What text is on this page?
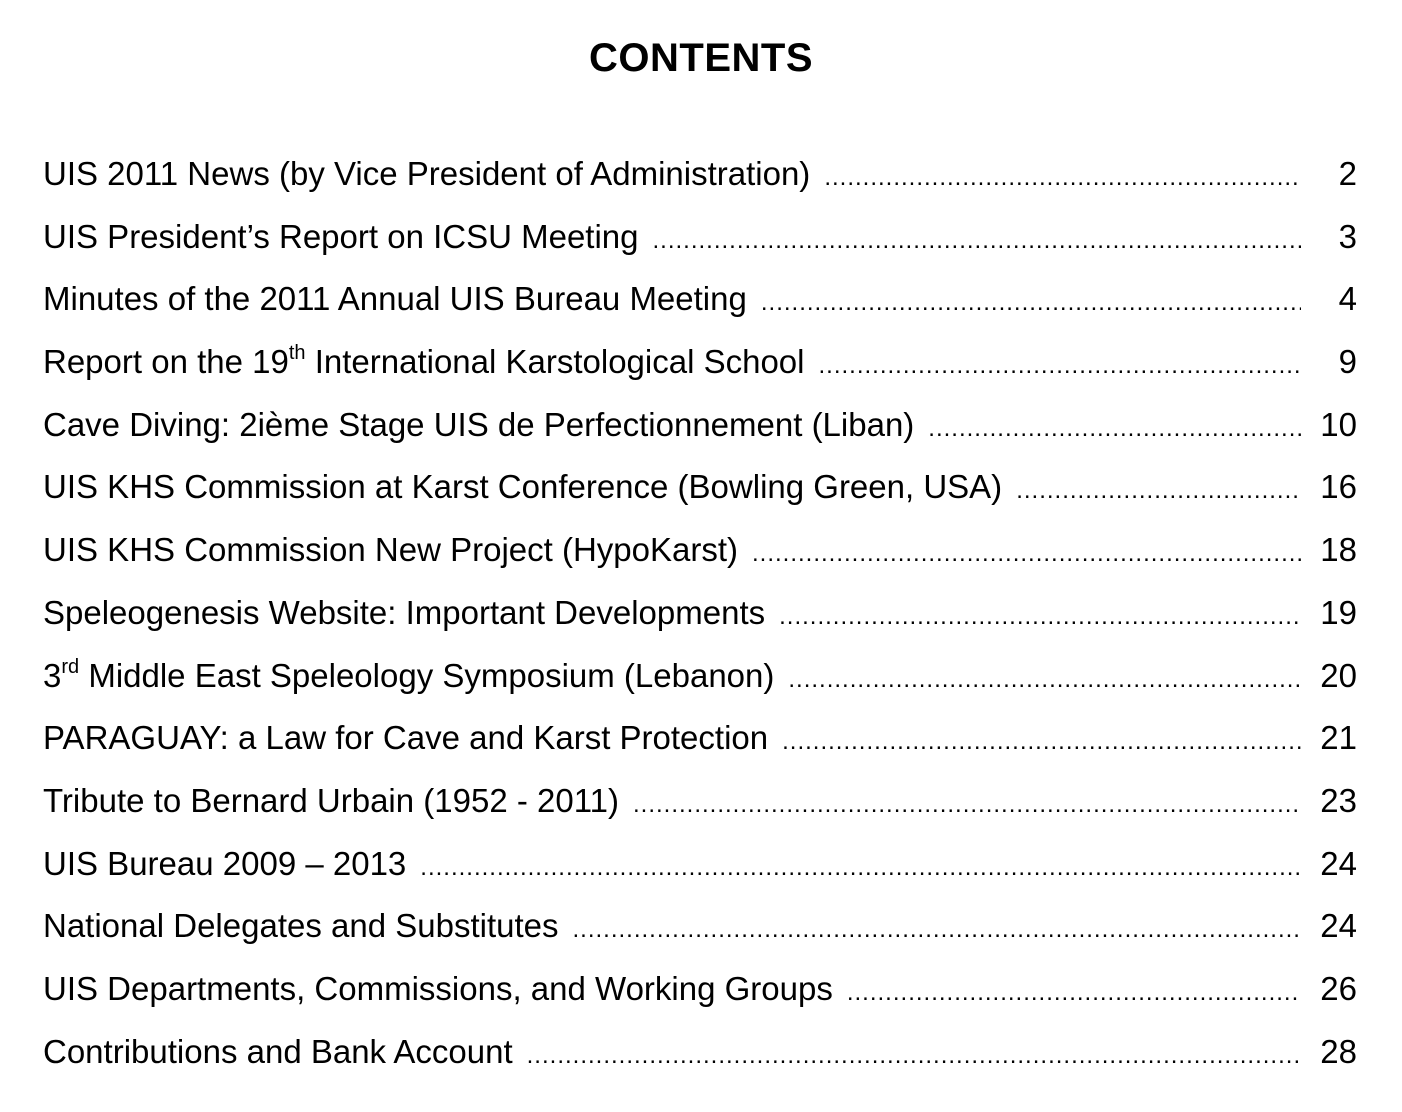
CONTENTS
UIS 2011 News (by Vice President of Administration) .....	2
UIS President’s Report on ICSU Meeting .....	3
Minutes of the 2011 Annual UIS Bureau Meeting .....	4
Report on the 19th International Karstological School .....	9
Cave Diving: 2ième Stage UIS de Perfectionnement (Liban) .....	10
UIS KHS Commission at Karst Conference (Bowling Green, USA) .....	16
UIS KHS Commission New Project (HypoKarst) .....	18
Speleogenesis Website: Important Developments .....	19
3rd Middle East Speleology Symposium (Lebanon) .....	20
PARAGUAY: a Law for Cave and Karst Protection .....	21
Tribute to Bernard Urbain (1952 - 2011) .....	23
UIS Bureau 2009 – 2013 .....	24
National Delegates and Substitutes .....	24
UIS Departments, Commissions, and Working Groups .....	26
Contributions and Bank Account .....	28
